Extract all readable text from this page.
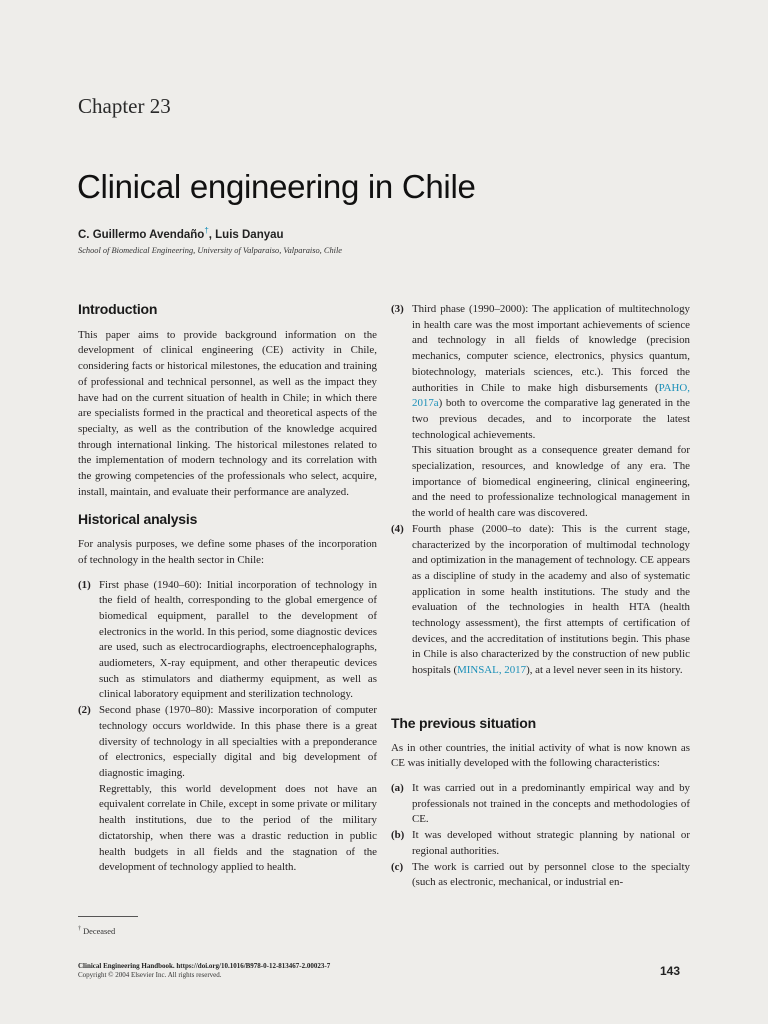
Chapter 23
Clinical engineering in Chile
C. Guillermo Avendaño†, Luis Danyau
School of Biomedical Engineering, University of Valparaiso, Valparaiso, Chile
Introduction

This paper aims to provide background information on the development of clinical engineering (CE) activity in Chile, considering facts or historical milestones, the education and training of professional and technical personnel, as well as the impact they have had on the current situation of health in Chile; in which there are specialists formed in the practical and theoretical aspects of the specialty, as well as the contribution of the knowledge acquired through international linking. The historical milestones related to the implementation of modern technology and its correlation with the growing competencies of the professionals who select, acquire, install, maintain, and evaluate their performance are analyzed.

Historical analysis

For analysis purposes, we define some phases of the incorporation of technology in the health sector in Chile:

(1) First phase (1940–60): Initial incorporation of technology in the field of health, corresponding to the global emergence of biomedical equipment, parallel to the development of electronics in the world. In this period, some diagnostic devices are used, such as electrocardiographs, electroencephalographs, audiometers, X-ray equipment, and other therapeutic devices such as stimulators and diathermy equipment, as well as clinical laboratory equipment and sterilization technology.
(2) Second phase (1970–80): Massive incorporation of computer technology occurs worldwide. In this phase there is a great diversity of technology in all specialties with a preponderance of electronics, especially digital and big development of diagnostic imaging.
Regrettably, this world development does not have an equivalent correlate in Chile, except in some private or military health institutions, due to the period of the military dictatorship, when there was a drastic reduction in public health budgets in all fields and the stagnation of the development of technology applied to health.
(3) Third phase (1990–2000): The application of multitechnology in health care was the most important achievements of science and technology in all fields of knowledge (precision mechanics, computer science, electronics, physics quantum, biotechnology, materials sciences, etc.). This forced the authorities in Chile to make high disbursements (PAHO, 2017a) both to overcome the comparative lag generated in the two previous decades, and to incorporate the latest technological achievements.
This situation brought as a consequence greater demand for specialization, resources, and knowledge of any era. The importance of biomedical engineering, clinical engineering, and the need to professionalize technological management in the world of health care was discovered.
(4) Fourth phase (2000–to date): This is the current stage, characterized by the incorporation of multimodal technology and optimization in the management of technology. CE appears as a discipline of study in the academy and also of systematic application in some health institutions. The study and the evaluation of the technologies in health HTA (health technology assessment), the first attempts of certification of devices, and the accreditation of institutions begin. This phase in Chile is also characterized by the construction of new public hospitals (MINSAL, 2017), at a level never seen in its history.
The previous situation

As in other countries, the initial activity of what is now known as CE was initially developed with the following characteristics:

(a) It was carried out in a predominantly empirical way and by professionals not trained in the concepts and methodologies of CE.
(b) It was developed without strategic planning by national or regional authorities.
(c) The work is carried out by personnel close to the specialty (such as electronic, mechanical, or industrial en-
† Deceased
Clinical Engineering Handbook. https://doi.org/10.1016/B978-0-12-813467-2.00023-7
Copyright © 2004 Elsevier Inc. All rights reserved.	143
